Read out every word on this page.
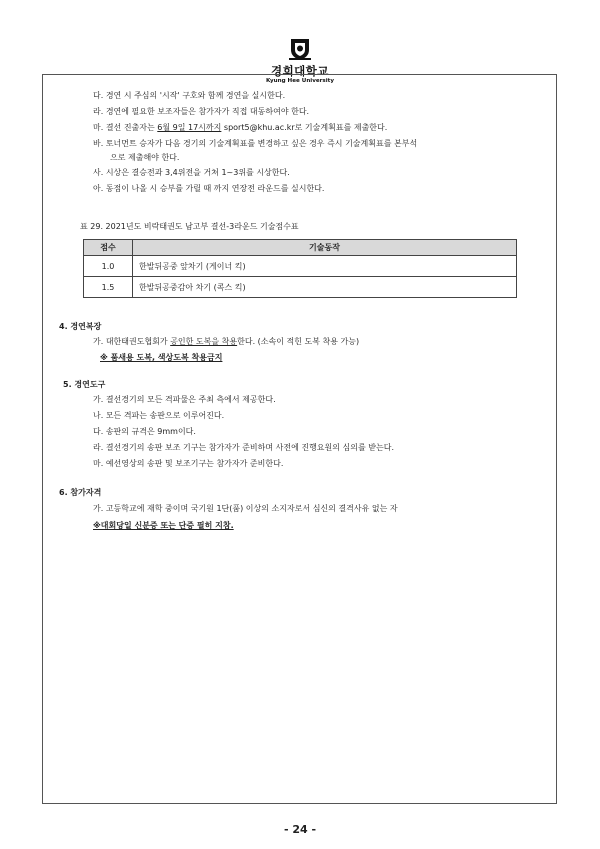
경희대학교
Kyung Hee University
다. 경연 시 주심의 '시작' 구호와 함께 경연을 실시한다.
라. 경연에 필요한 보조자들은 참가자가 직접 대동하여야 한다.
마. 결선 진출자는 6월 9일 17시까지 sport5@khu.ac.kr로 기술계획표를 제출한다.
바. 토너먼트 승자가 다음 경기의 기술계획표를 변경하고 싶은 경우 즉시 기술계획표를 본부석
으로 제출해야 한다.
사. 시상은 결승전과 3,4위전을 거쳐 1~3위를 시상한다.
아. 동점이 나올 시 승부를 가릴 때 까지 연장전 라운드를 실시한다.
표 29. 2021년도 비락태권도 남고부 결선-3라운드 기술점수표
점수	기술동작
1.0	한발뒤공중 앞차기 (게이너 킥)
1.5	한발뒤공중감아 차기 (콕스 킥)
4. 경연복장
가. 대한태권도협회가 공인한 도복을 착용한다. (소속이 적힌 도복 착용 가능)
※ 품새용 도복, 색상도복 착용금지
5. 경연도구
가. 결선경기의 모든 격파물은 주최 측에서 제공한다.
나. 모든 격파는 송판으로 이루어진다.
다. 송판의 규격은 9mm이다.
라. 결선경기의 송판 보조 기구는 참가자가 준비하며 사전에 진행요원의 심의를 받는다.
마. 예선영상의 송판 및 보조기구는 참가자가 준비한다.
6. 참가자격
가. 고등학교에 재학 중이며 국기원 1단(품) 이상의 소지자로서 심신의 결격사유 없는 자
※대회당일 신분증 또는 단증 필히 지참.
- 24 -
